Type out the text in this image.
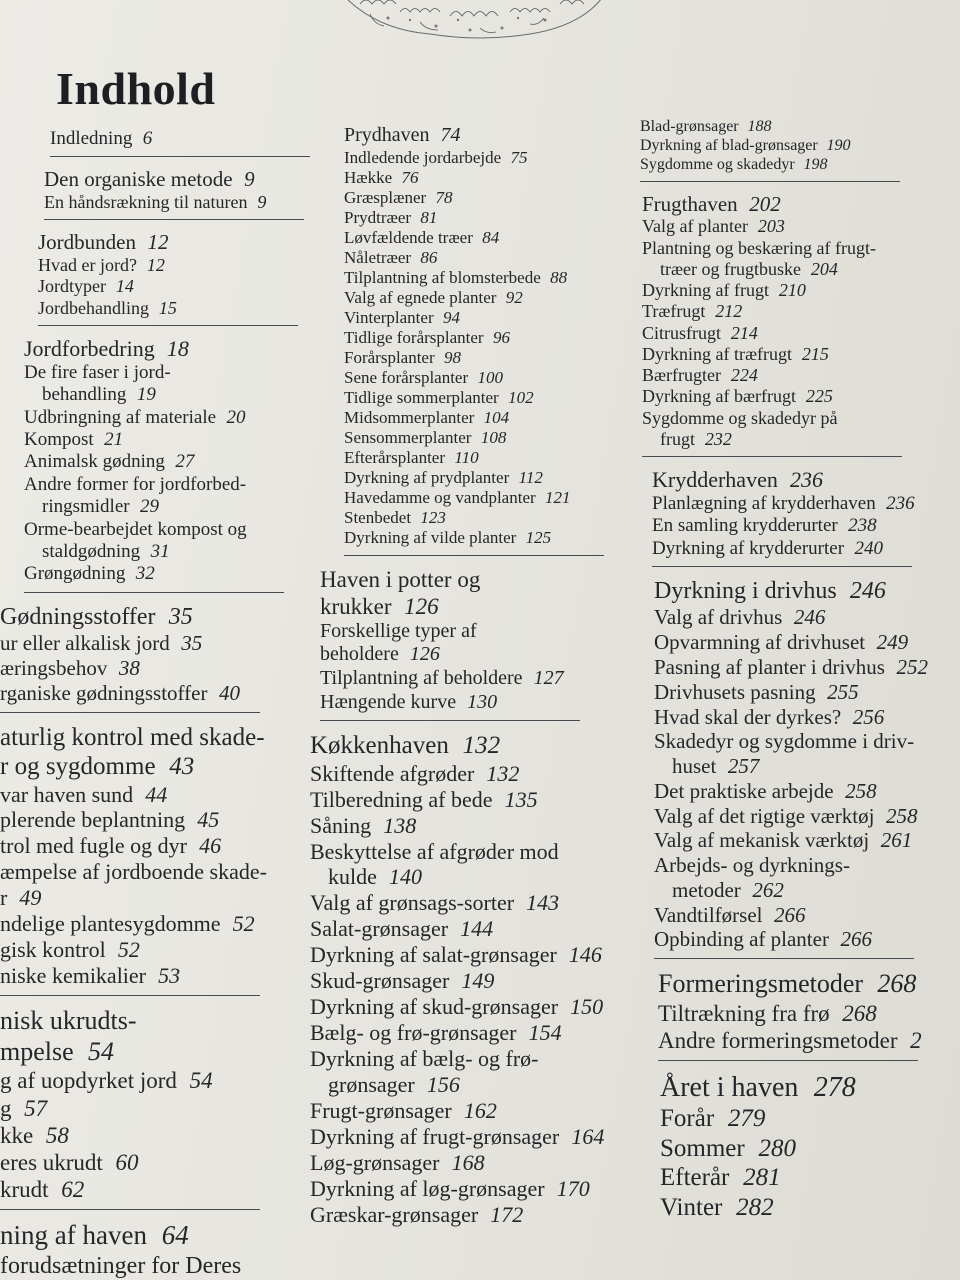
Indhold
Indledning 6
Den organiske metode 9
En håndsrækning til naturen 9
Jordbunden 12
Hvad er jord? 12
Jordtyper 14
Jordbehandling 15
Jordforbedring 18
De fire faser i jord-
behandling 19
Udbringning af materiale 20
Kompost 21
Animalsk gødning 27
Andre former for jordforbed-
ringsmidler 29
Orme-bearbejdet kompost og
staldgødning 31
Grøngødning 32
Gødningsstoffer 35
ur eller alkalisk jord 35
æringsbehov 38
rganiske gødningsstoffer 40
aturlig kontrol med skade-
r og sygdomme 43
var haven sund 44
plerende beplantning 45
trol med fugle og dyr 46
æmpelse af jordboende skade-
r 49
ndelige plantesygdomme 52
gisk kontrol 52
niske kemikalier 53
nisk ukrudts-
mpelse 54
g af uopdyrket jord 54
g 57
kke 58
eres ukrudt 60
krudt 62
ning af haven 64
forudsætninger for Deres
Prydhaven 74
Indledende jordarbejde 75
Hække 76
Græsplæner 78
Prydtræer 81
Løvfældende træer 84
Nåletræer 86
Tilplantning af blomsterbede 88
Valg af egnede planter 92
Vinterplanter 94
Tidlige forårsplanter 96
Forårsplanter 98
Sene forårsplanter 100
Tidlige sommerplanter 102
Midsommerplanter 104
Sensommerplanter 108
Efterårsplanter 110
Dyrkning af prydplanter 112
Havedamme og vandplanter 121
Stenbedet 123
Dyrkning af vilde planter 125
Haven i potter og
krukker 126
Forskellige typer af
beholdere 126
Tilplantning af beholdere 127
Hængende kurve 130
Køkkenhaven 132
Skiftende afgrøder 132
Tilberedning af bede 135
Såning 138
Beskyttelse af afgrøder mod
kulde 140
Valg af grønsags-sorter 143
Salat-grønsager 144
Dyrkning af salat-grønsager 146
Skud-grønsager 149
Dyrkning af skud-grønsager 150
Bælg- og frø-grønsager 154
Dyrkning af bælg- og frø-
grønsager 156
Frugt-grønsager 162
Dyrkning af frugt-grønsager 164
Løg-grønsager 168
Dyrkning af løg-grønsager 170
Græskar-grønsager 172
Blad-grønsager 188
Dyrkning af blad-grønsager 190
Sygdomme og skadedyr 198
Frugthaven 202
Valg af planter 203
Plantning og beskæring af frugt-
træer og frugtbuske 204
Dyrkning af frugt 210
Træfrugt 212
Citrusfrugt 214
Dyrkning af træfrugt 215
Bærfrugter 224
Dyrkning af bærfrugt 225
Sygdomme og skadedyr på
frugt 232
Krydderhaven 236
Planlægning af krydderhaven 236
En samling krydderurter 238
Dyrkning af krydderurter 240
Dyrkning i drivhus 246
Valg af drivhus 246
Opvarmning af drivhuset 249
Pasning af planter i drivhus 252
Drivhusets pasning 255
Hvad skal der dyrkes? 256
Skadedyr og sygdomme i driv-
huset 257
Det praktiske arbejde 258
Valg af det rigtige værktøj 258
Valg af mekanisk værktøj 261
Arbejds- og dyrknings-
metoder 262
Vandtilførsel 266
Opbinding af planter 266
Formeringsmetoder 268
Tiltrækning fra frø 268
Andre formeringsmetoder 2
Året i haven 278
Forår 279
Sommer 280
Efterår 281
Vinter 282
